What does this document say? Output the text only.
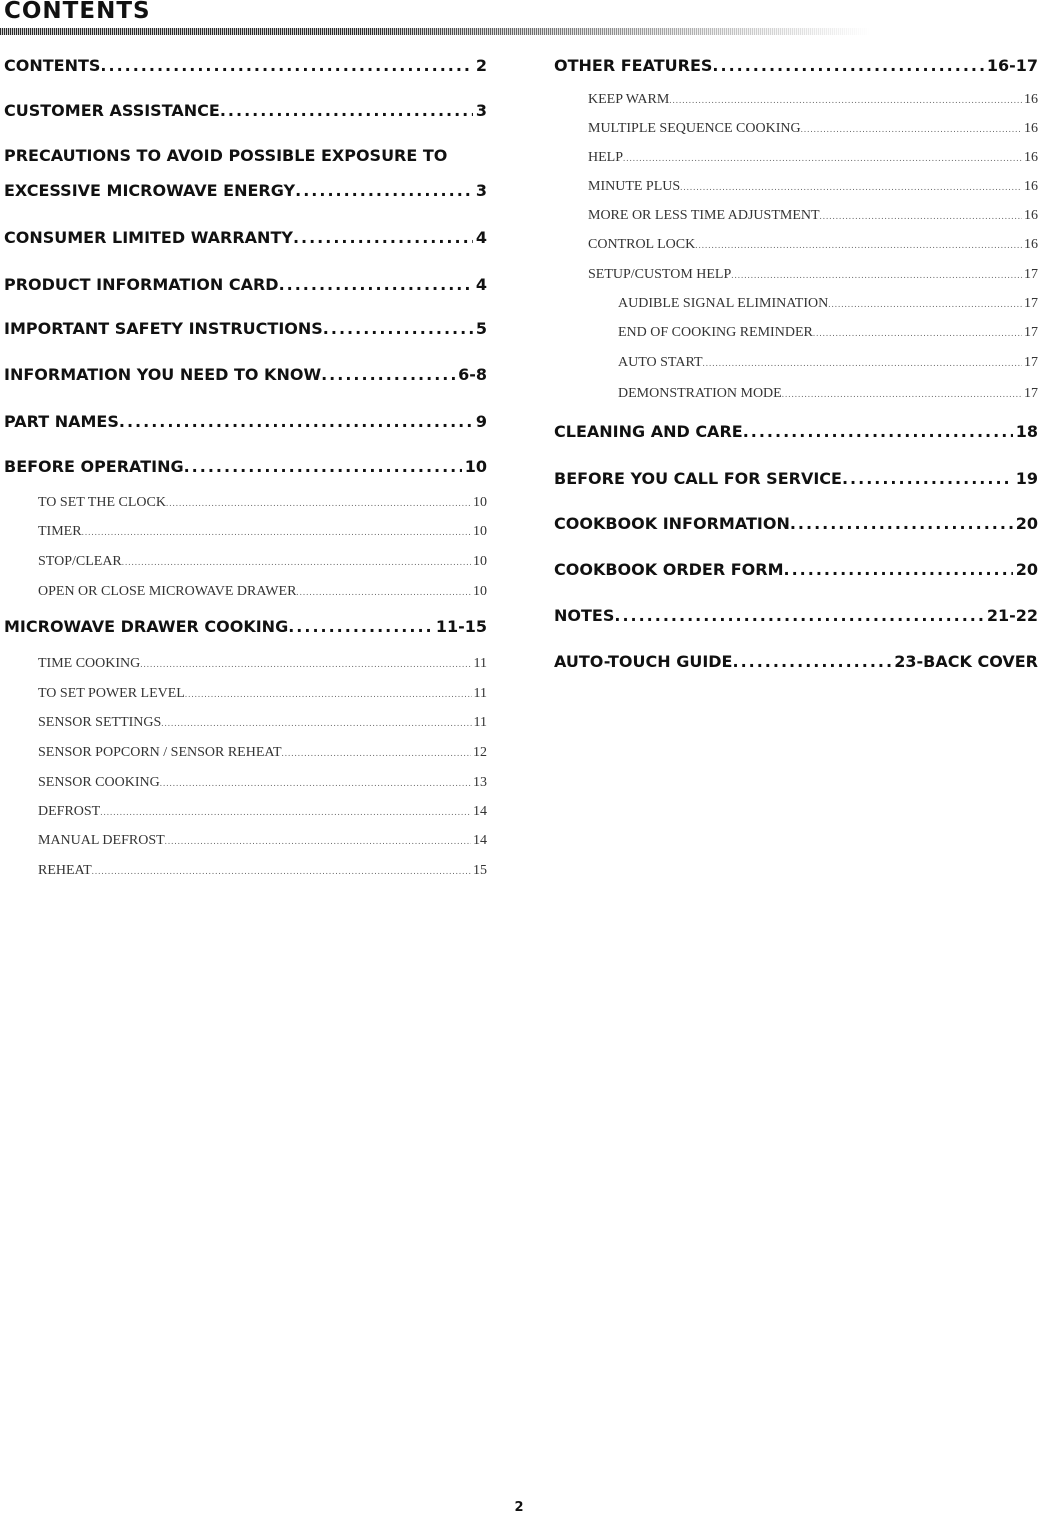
CONTENTS
CONTENTS .....	2
CUSTOMER ASSISTANCE .....	3
PRECAUTIONS TO AVOID POSSIBLE EXPOSURE TO
EXCESSIVE MICROWAVE ENERGY .....	3
CONSUMER LIMITED WARRANTY .....	4
PRODUCT INFORMATION CARD .....	4
IMPORTANT SAFETY INSTRUCTIONS .....	5
INFORMATION YOU NEED TO KNOW .....	6-8
PART NAMES .....	9
BEFORE OPERATING .....	10
TO SET THE CLOCK .....	10
TIMER .....	10
STOP/CLEAR .....	10
OPEN OR CLOSE MICROWAVE DRAWER .....	10
MICROWAVE DRAWER COOKING .....	11-15
TIME COOKING .....	11
TO SET POWER LEVEL .....	11
SENSOR SETTINGS .....	11
SENSOR POPCORN / SENSOR REHEAT .....	12
SENSOR COOKING .....	13
DEFROST .....	14
MANUAL DEFROST .....	14
REHEAT .....	15
OTHER FEATURES .....	16-17
KEEP WARM .....	16
MULTIPLE SEQUENCE COOKING .....	16
HELP .....	16
MINUTE PLUS .....	16
MORE OR LESS TIME ADJUSTMENT .....	16
CONTROL LOCK .....	16
SETUP/CUSTOM HELP .....	17
AUDIBLE SIGNAL ELIMINATION .....	17
END OF COOKING REMINDER .....	17
AUTO START .....	17
DEMONSTRATION MODE .....	17
CLEANING AND CARE .....	18
BEFORE YOU CALL FOR SERVICE .....	19
COOKBOOK INFORMATION .....	20
COOKBOOK ORDER FORM .....	20
NOTES .....	21-22
AUTO-TOUCH GUIDE .....	23-BACK COVER
2
